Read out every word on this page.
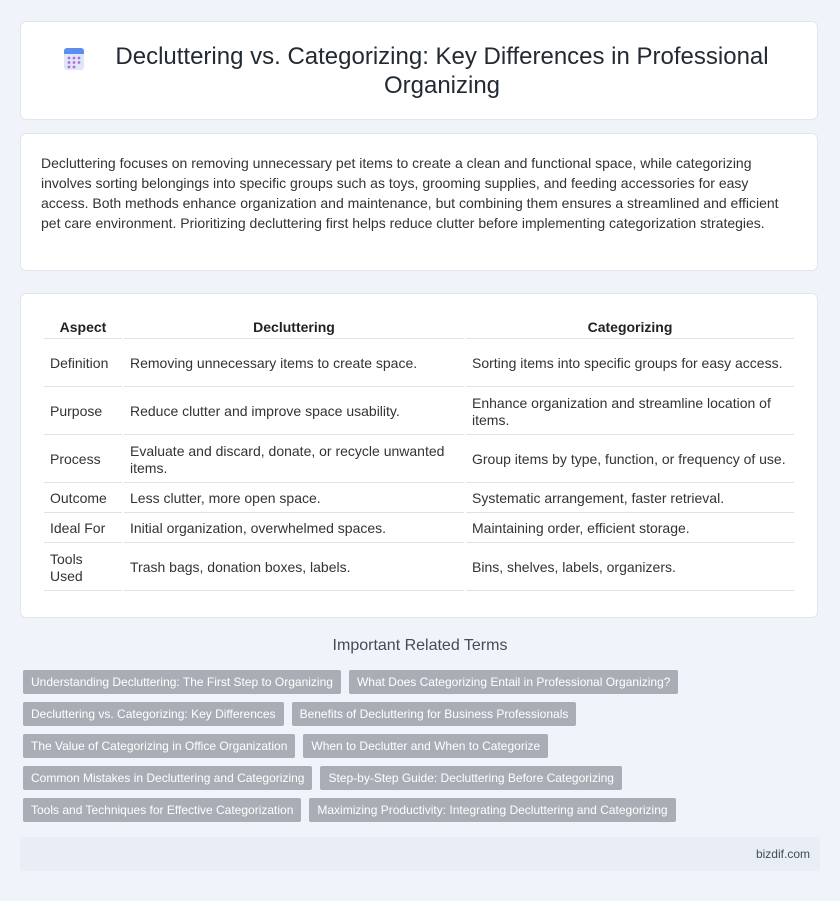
Decluttering vs. Categorizing: Key Differences in Professional Organizing

Decluttering focuses on removing unnecessary pet items to create a clean and functional space, while categorizing involves sorting belongings into specific groups such as toys, grooming supplies, and feeding accessories for easy access. Both methods enhance organization and maintenance, but combining them ensures a streamlined and efficient pet care environment. Prioritizing decluttering first helps reduce clutter before implementing categorization strategies.

Aspect	Decluttering	Categorizing
Definition	Removing unnecessary items to create space.	Sorting items into specific groups for easy access.
Purpose	Reduce clutter and improve space usability.	Enhance organization and streamline location of items.
Process	Evaluate and discard, donate, or recycle unwanted items.	Group items by type, function, or frequency of use.
Outcome	Less clutter, more open space.	Systematic arrangement, faster retrieval.
Ideal For	Initial organization, overwhelmed spaces.	Maintaining order, efficient storage.
Tools Used	Trash bags, donation boxes, labels.	Bins, shelves, labels, organizers.
Important Related Terms
Understanding Decluttering: The First Step to Organizing	What Does Categorizing Entail in Professional Organizing?
Decluttering vs. Categorizing: Key Differences	Benefits of Decluttering for Business Professionals
The Value of Categorizing in Office Organization	When to Declutter and When to Categorize
Common Mistakes in Decluttering and Categorizing	Step-by-Step Guide: Decluttering Before Categorizing
Tools and Techniques for Effective Categorization	Maximizing Productivity: Integrating Decluttering and Categorizing
bizdif.com
